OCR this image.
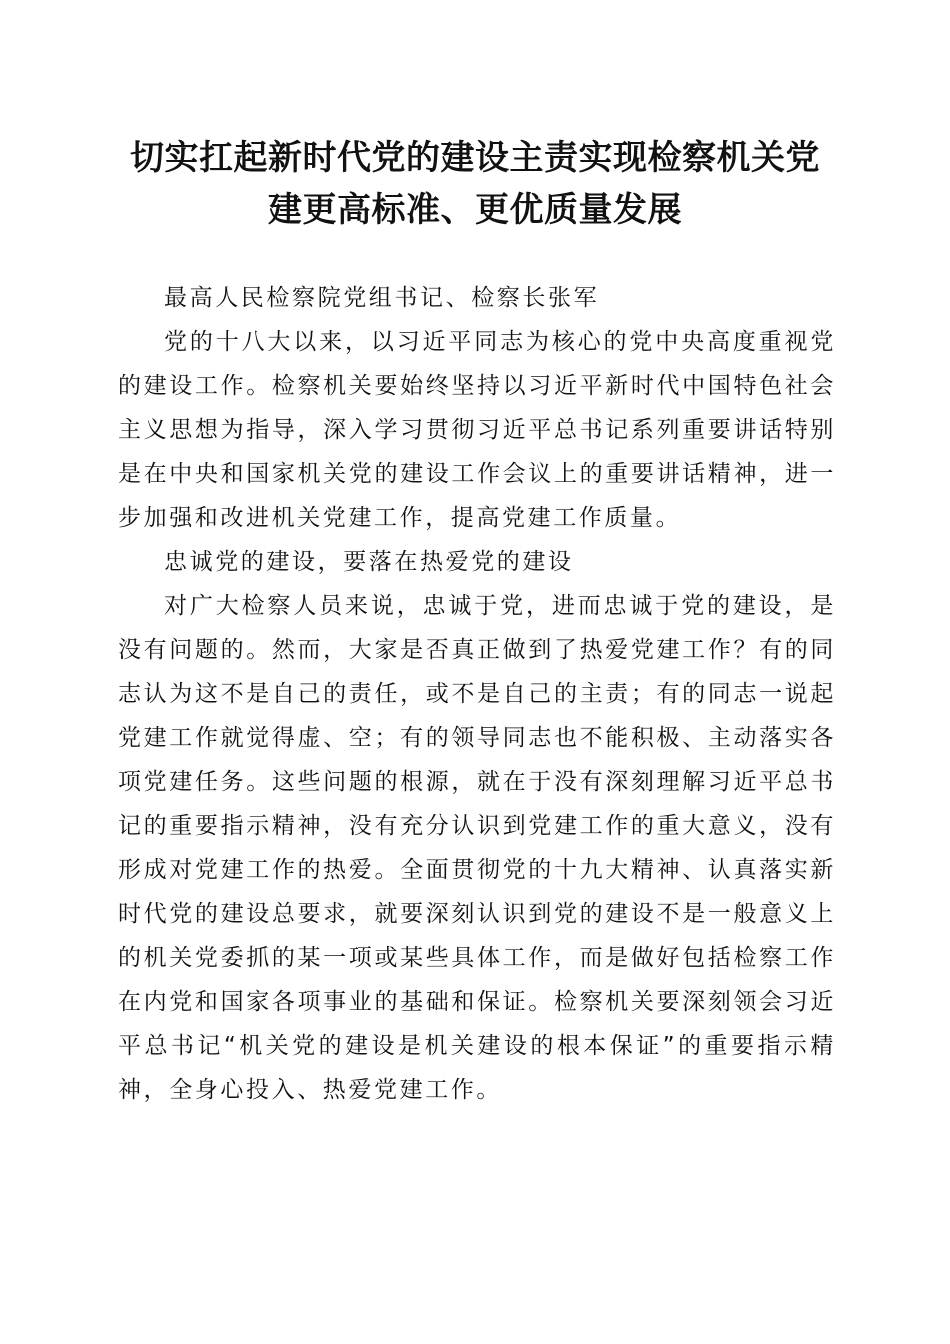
切实扛起新时代党的建设主责实现检察机关党
建更高标准、更优质量发展

最高人民检察院党组书记、检察长张军

党的十八大以来，以习近平同志为核心的党中央高度重视党的建设工作。检察机关要始终坚持以习近平新时代中国特色社会主义思想为指导，深入学习贯彻习近平总书记系列重要讲话特别是在中央和国家机关党的建设工作会议上的重要讲话精神，进一步加强和改进机关党建工作，提高党建工作质量。

忠诚党的建设，要落在热爱党的建设

对广大检察人员来说，忠诚于党，进而忠诚于党的建设，是没有问题的。然而，大家是否真正做到了热爱党建工作？有的同志认为这不是自己的责任，或不是自己的主责；有的同志一说起党建工作就觉得虚、空；有的领导同志也不能积极、主动落实各项党建任务。这些问题的根源，就在于没有深刻理解习近平总书记的重要指示精神，没有充分认识到党建工作的重大意义，没有形成对党建工作的热爱。全面贯彻党的十九大精神、认真落实新时代党的建设总要求，就要深刻认识到党的建设不是一般意义上的机关党委抓的某一项或某些具体工作，而是做好包括检察工作在内党和国家各项事业的基础和保证。检察机关要深刻领会习近平总书记“机关党的建设是机关建设的根本保证”的重要指示精神，全身心投入、热爱党建工作。
